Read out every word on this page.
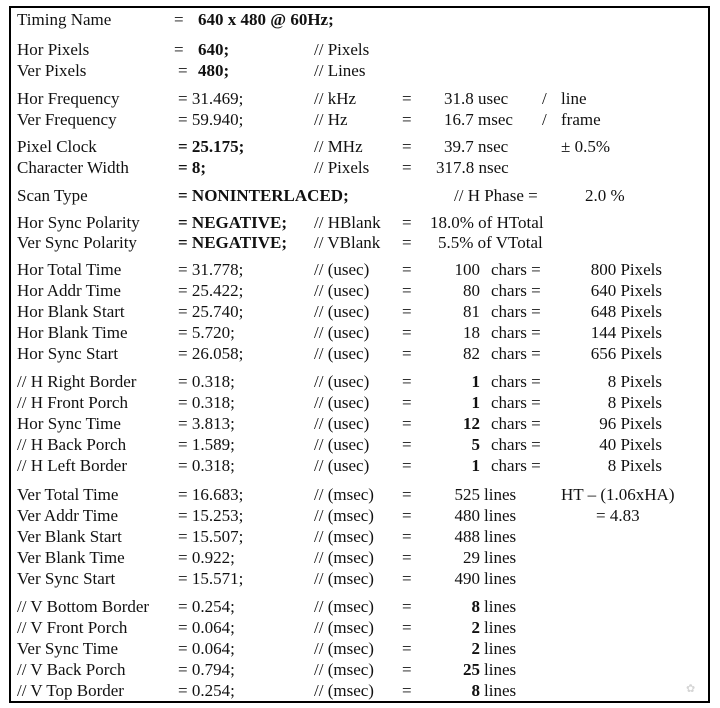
Timing Name	= 640 x 480 @ 60Hz;
Hor Pixels	= 640;	// Pixels
Ver Pixels	= 480;	// Lines
Hor Frequency	= 31.469;	// kHz	= 31.8 usec / line
Ver Frequency	= 59.940;	// Hz	= 16.7 msec / frame
Pixel Clock	= 25.175;	// MHz = 39.7 nsec	± 0.5%
Character Width	= 8;	// Pixels = 317.8 nsec
Scan Type	= NONINTERLACED;	// H Phase =	2.0 %
Hor Sync Polarity = NEGATIVE; // HBlank = 18.0% of HTotal
Ver Sync Polarity = NEGATIVE; // VBlank = 5.5% of VTotal
Hor Total Time	= 31.778;	// (usec) =	100 chars =	800 Pixels
Hor Addr Time	= 25.422;	// (usec) =	80 chars =	640 Pixels
Hor Blank Start	= 25.740;	// (usec) =	81 chars =	648 Pixels
Hor Blank Time	= 5.720;	// (usec) =	18 chars =	144 Pixels
Hor Sync Start	= 26.058;	// (usec) =	82 chars =	656 Pixels
// H Right Border = 0.318;	// (usec) =	1 chars =	8 Pixels
// H Front Porch	= 0.318;	// (usec) =	1 chars =	8 Pixels
Hor Sync Time	= 3.813;	// (usec) =	12 chars =	96 Pixels
// H Back Porch	= 1.589;	// (usec) =	5 chars =	40 Pixels
// H Left Border	= 0.318;	// (usec) =	1 chars =	8 Pixels
Ver Total Time	= 16.683;	// (msec) =	525 lines	HT – (1.06xHA)
Ver Addr Time	= 15.253;	// (msec) =	480 lines	= 4.83
Ver Blank Start	= 15.507;	// (msec) =	488 lines
Ver Blank Time	= 0.922;	// (msec) =	29 lines
Ver Sync Start	= 15.571;	// (msec) =	490 lines
// V Bottom Border = 0.254;	// (msec) =	8 lines
// V Front Porch	= 0.064;	// (msec) =	2 lines
Ver Sync Time	= 0.064;	// (msec) =	2 lines
// V Back Porch	= 0.794;	// (msec) =	25 lines
// V Top Border	= 0.254;	// (msec) =	8 lines	✿
